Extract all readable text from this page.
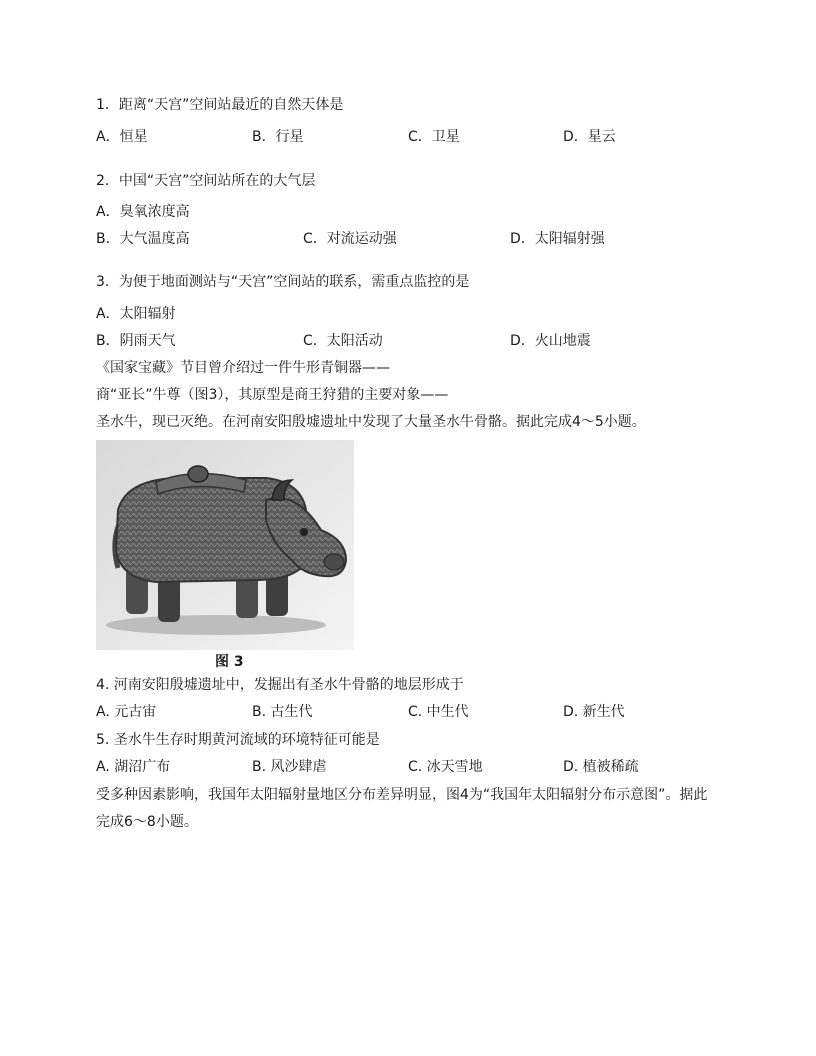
1．距离“天宫”空间站最近的自然天体是
A．恒星	B．行星	C．卫星	D．星云
2．中国“天宫”空间站所在的大气层
A．臭氧浓度高
B．大气温度高	C．对流运动强	D．太阳辐射强
3．为便于地面测站与“天宫”空间站的联系，需重点监控的是
A．太阳辐射
B．阴雨天气	C．太阳活动	D．火山地震
《国家宝藏》节目曾介绍过一件牛形青铜器——
商“亚长”牛尊（图3），其原型是商王狩猎的主要对象——
圣水牛，现已灭绝。在河南安阳殷墟遗址中发现了大量圣水牛骨骼。据此完成4～5小题。
图 3
4. 河南安阳殷墟遗址中，发掘出有圣水牛骨骼的地层形成于
A. 元古宙	B. 古生代	C. 中生代	D. 新生代
5. 圣水牛生存时期黄河流域的环境特征可能是
A. 湖沼广布	B. 风沙肆虐	C. 冰天雪地	D. 植被稀疏
受多种因素影响，我国年太阳辐射量地区分布差异明显，图4为“我国年太阳辐射分布示意图”。据此
完成6～8小题。
